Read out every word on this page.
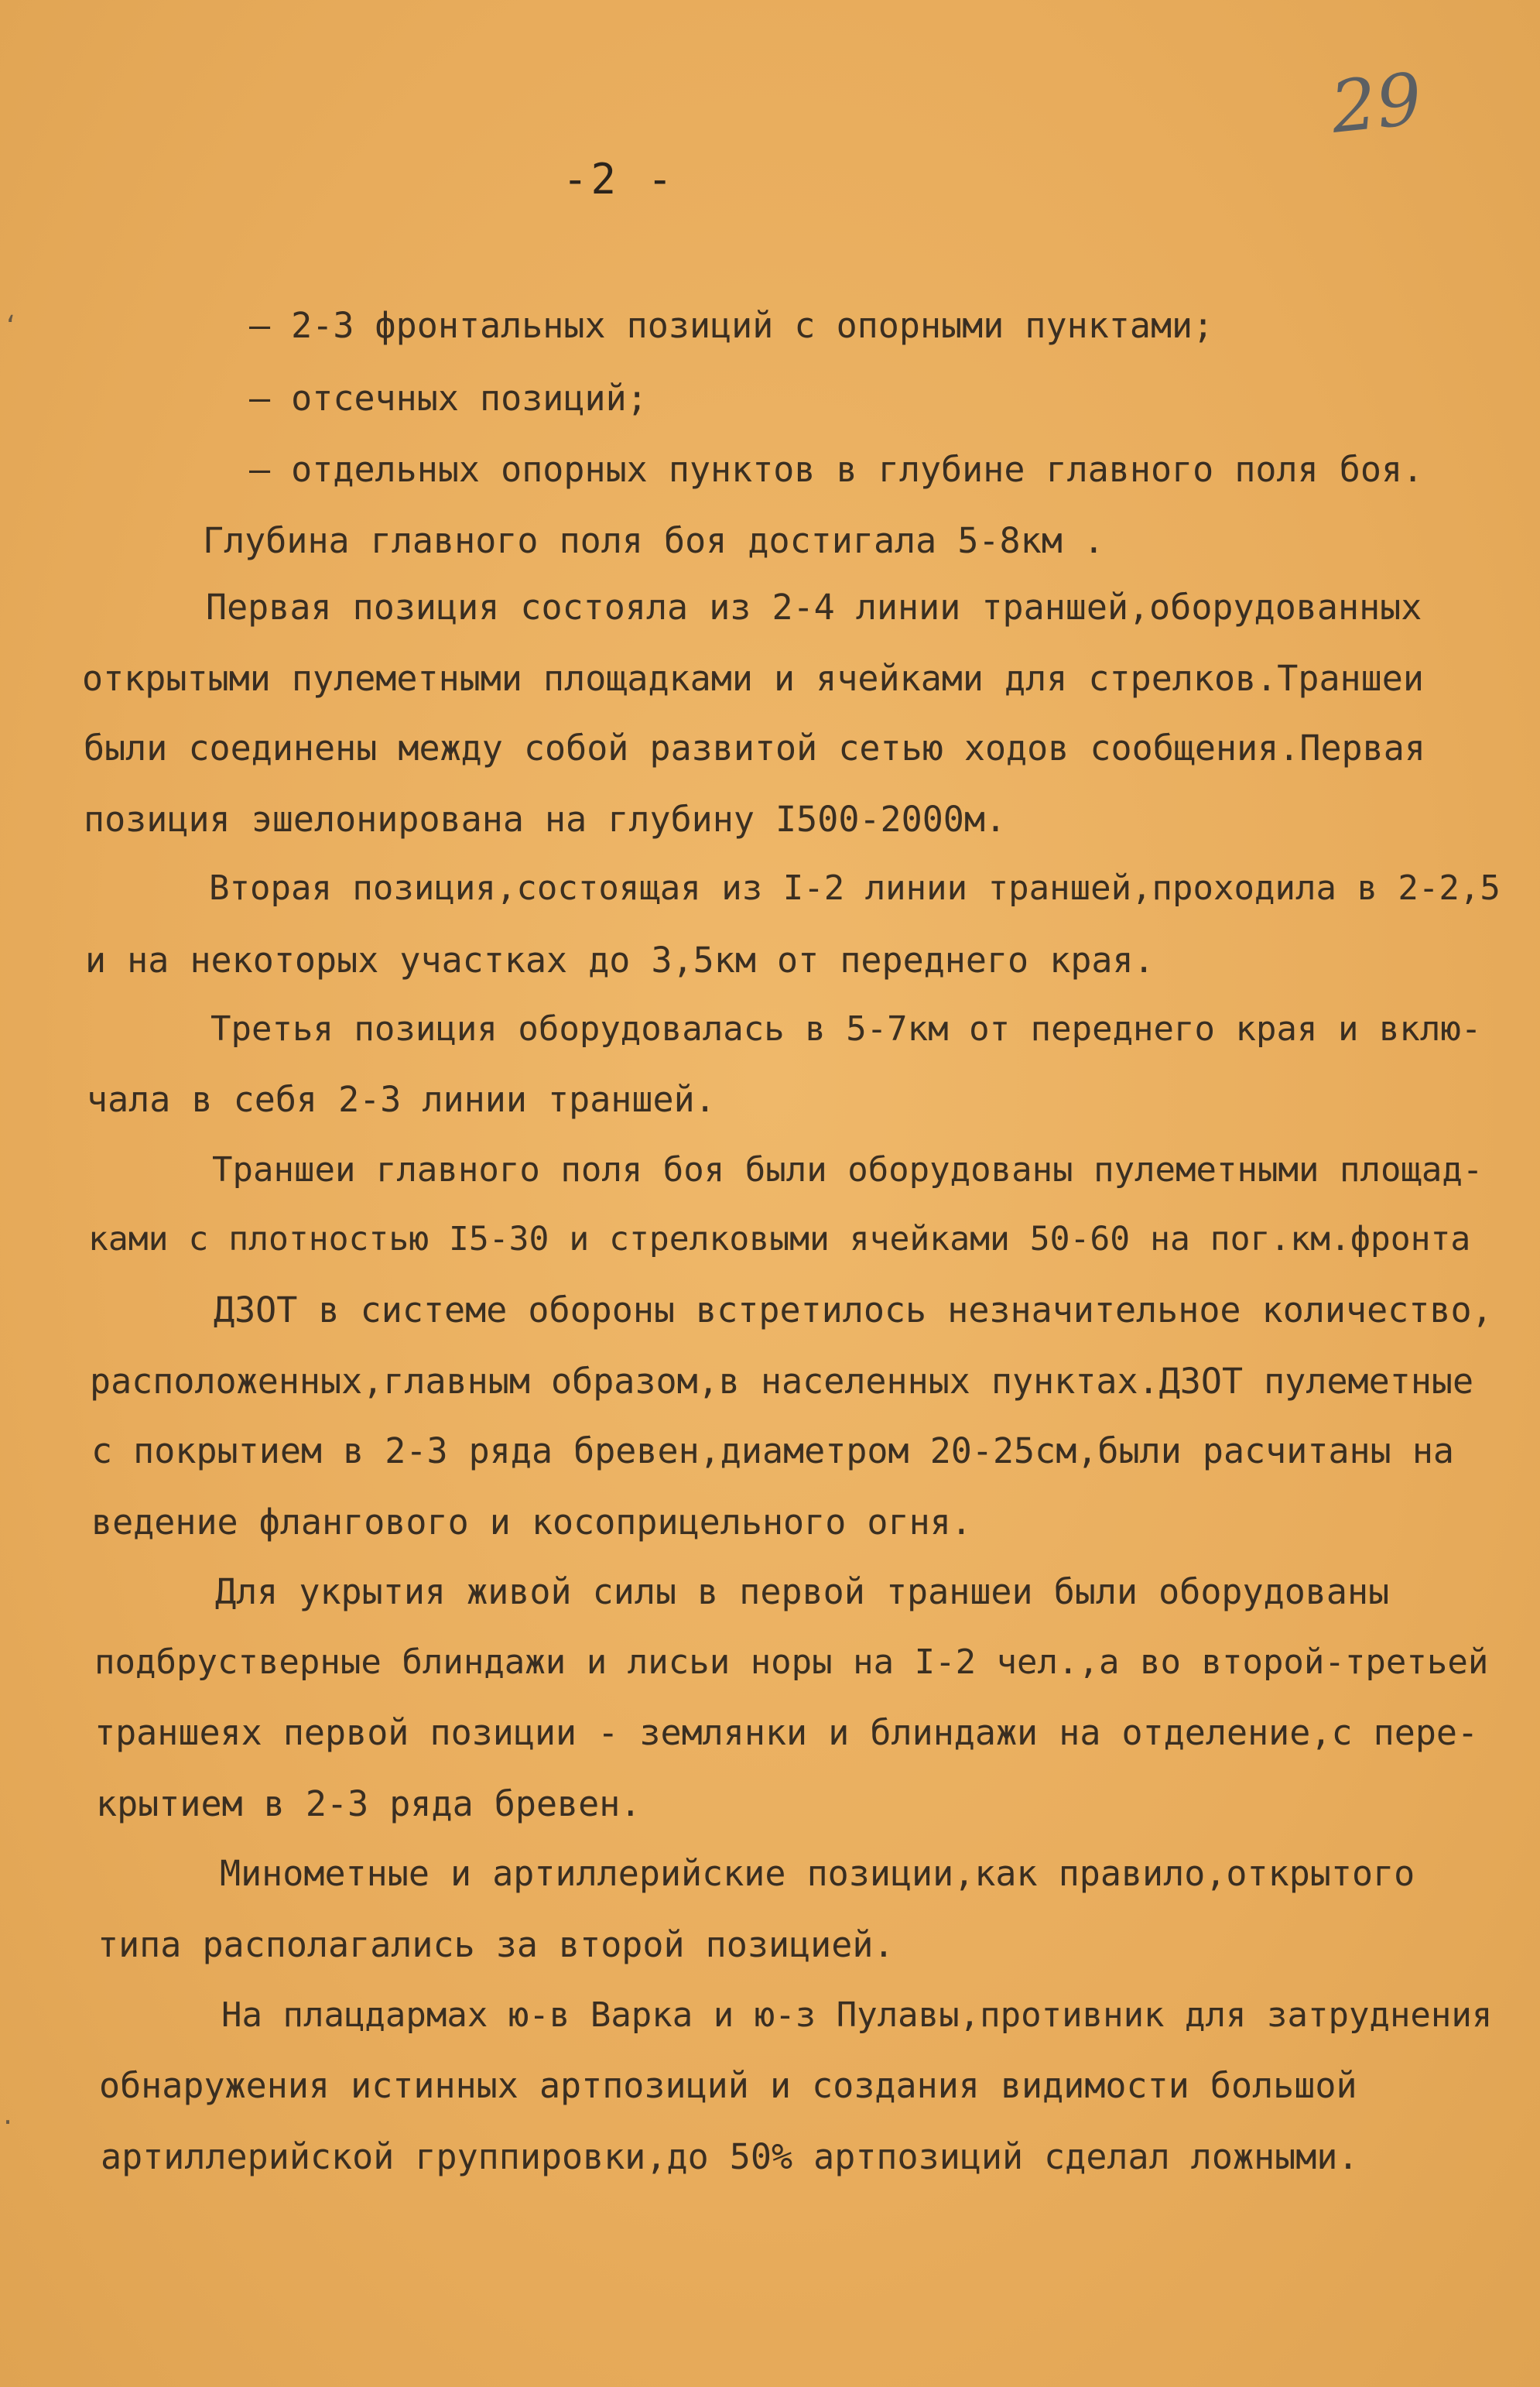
-2 -
29
‘
·
– 2-3 фронтальных позиций с опорными пунктами;
– отсечных позиций;
– отдельных опорных пунктов в глубине главного поля боя.
Глубина главного поля боя достигала 5-8км .
Первая позиция состояла из 2-4 линии траншей,оборудованных
открытыми пулеметными площадками и ячейками для стрелков.Траншеи
были соединены между собой развитой сетью ходов сообщения.Первая
позиция эшелонирована на глубину I500-2000м.
Вторая позиция,состоящая из I-2 линии траншей,проходила в 2-2,5
и на некоторых участках до 3,5км от переднего края.
Третья позиция оборудовалась в 5-7км от переднего края и вклю-
чала в себя 2-3 линии траншей.
Траншеи главного поля боя были оборудованы пулеметными площад-
ками с плотностью I5-30 и стрелковыми ячейками 50-60 на пог.км.фронта
ДЗОТ в системе обороны встретилось незначительное количество,
расположенных,главным образом,в населенных пунктах.ДЗОТ пулеметные
с покрытием в 2-3 ряда бревен,диаметром 20-25см,были расчитаны на
ведение флангового и косоприцельного огня.
Для укрытия живой силы в первой траншеи были оборудованы
подбрустверные блиндажи и лисьи норы на I-2 чел.,а во второй-третьей
траншеях первой позиции - землянки и блиндажи на отделение,с пере-
крытием в 2-3 ряда бревен.
Минометные и артиллерийские позиции,как правило,открытого
типа располагались за второй позицией.
На плацдармах ю-в Варка и ю-з Пулавы,противник для затруднения
обнаружения истинных артпозиций и создания видимости большой
артиллерийской группировки,до 50% артпозиций сделал ложными.
